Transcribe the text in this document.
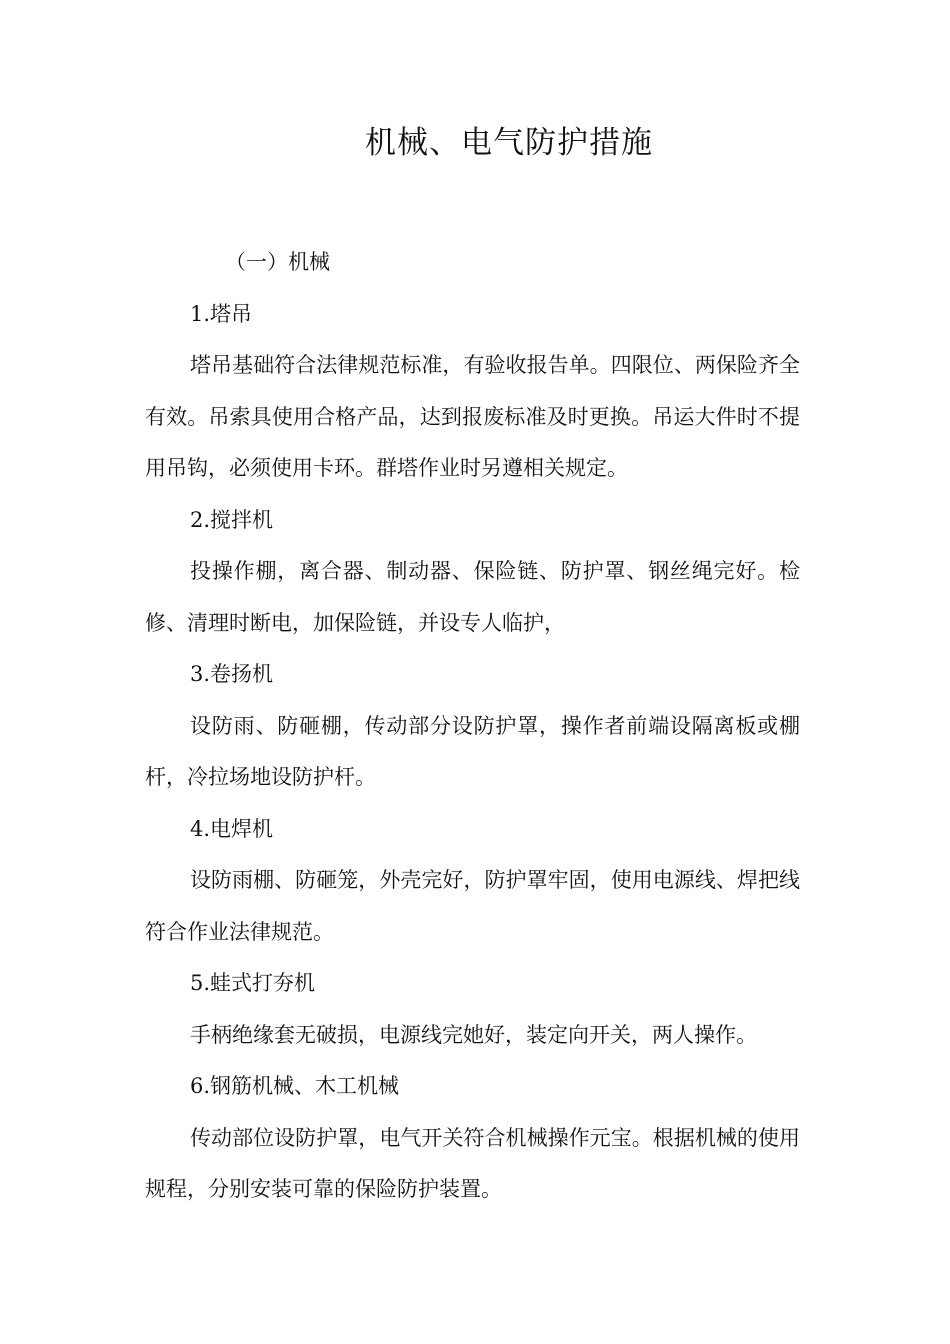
机械、电气防护措施

（一）机械

1.塔吊

塔吊基础符合法律规范标准，有验收报告单。四限位、两保险齐全有效。吊索具使用合格产品，达到报废标准及时更换。吊运大件时不提用吊钩，必须使用卡环。群塔作业时另遵相关规定。

2.搅拌机

投操作棚，离合器、制动器、保险链、防护罩、钢丝绳完好。检修、清理时断电，加保险链，并设专人临护，

3.卷扬机

设防雨、防砸棚，传动部分设防护罩，操作者前端设隔离板或棚杆，冷拉场地设防护杆。

4.电焊机

设防雨棚、防砸笼，外壳完好，防护罩牢固，使用电源线、焊把线符合作业法律规范。

5.蛙式打夯机

手柄绝缘套无破损，电源线完她好，装定向开关，两人操作。

6.钢筋机械、木工机械

传动部位设防护罩，电气开关符合机械操作元宝。根据机械的使用规程，分别安装可靠的保险防护装置。
